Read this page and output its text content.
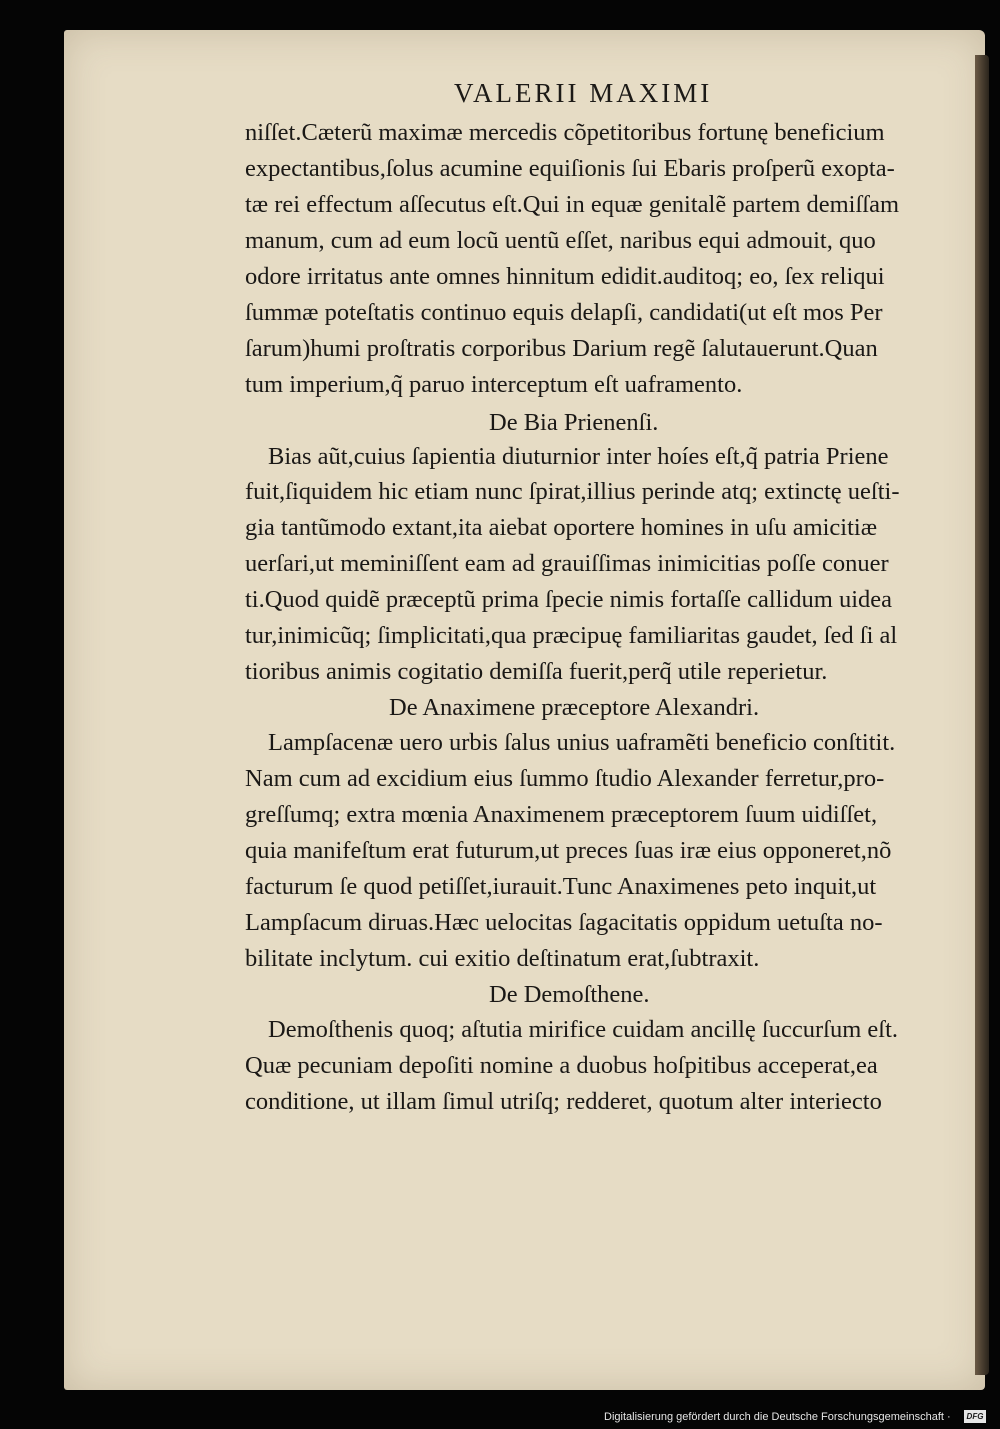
VALERII MAXIMI
niſſet.Cæterũ maximæ mercedis cõpetitoribus fortunę beneficium
expectantibus,ſolus acumine equiſionis ſui Ebaris proſperũ exopta-
tæ rei effectum aſſecutus eſt.Qui in equæ genitalẽ partem demiſſam
manum, cum ad eum locũ uentũ eſſet, naribus equi admouit, quo
odore irritatus ante omnes hinnitum edidit.auditoq; eo, ſex reliqui
ſummæ poteſtatis continuo equis delapſi, candidati(ut eſt mos Per
ſarum)humi proſtratis corporibus Darium regẽ ſalutauerunt.Quan
tum imperium,q̃ paruo interceptum eſt uaframento.
De Bia Prienenſi.
Bias aũt,cuius ſapientia diuturnior inter hoíes eſt,q̃ patria Priene
fuit,ſiquidem hic etiam nunc ſpirat,illius perinde atq; extinctę ueſti-
gia tantũmodo extant,ita aiebat oportere homines in uſu amicitiæ
uerſari,ut meminiſſent eam ad grauiſſimas inimicitias poſſe conuer
ti.Quod quidẽ præceptũ prima ſpecie nimis fortaſſe callidum uidea
tur,inimicũq; ſimplicitati,qua præcipuę familiaritas gaudet, ſed ſi al
tioribus animis cogitatio demiſſa fuerit,perq̃ utile reperietur.
De Anaximene præceptore Alexandri.
Lampſacenæ uero urbis ſalus unius uaframẽti beneficio conſtitit.
Nam cum ad excidium eius ſummo ſtudio Alexander ferretur,pro-
greſſumq; extra mœnia Anaximenem præceptorem ſuum uidiſſet,
quia manifeſtum erat futurum,ut preces ſuas iræ eius opponeret,nõ
facturum ſe quod petiſſet,iurauit.Tunc Anaximenes peto inquit,ut
Lampſacum diruas.Hæc uelocitas ſagacitatis oppidum uetuſta no-
bilitate inclytum. cui exitio deſtinatum erat,ſubtraxit.
De Demoſthene.
Demoſthenis quoq; aſtutia mirifice cuidam ancillę ſuccurſum eſt.
Quæ pecuniam depoſiti nomine a duobus hoſpitibus acceperat,ea
conditione, ut illam ſimul utriſq; redderet, quotum alter interiecto
Digitalisierung gefördert durch die Deutsche Forschungsgemeinschaft ·	DFG
